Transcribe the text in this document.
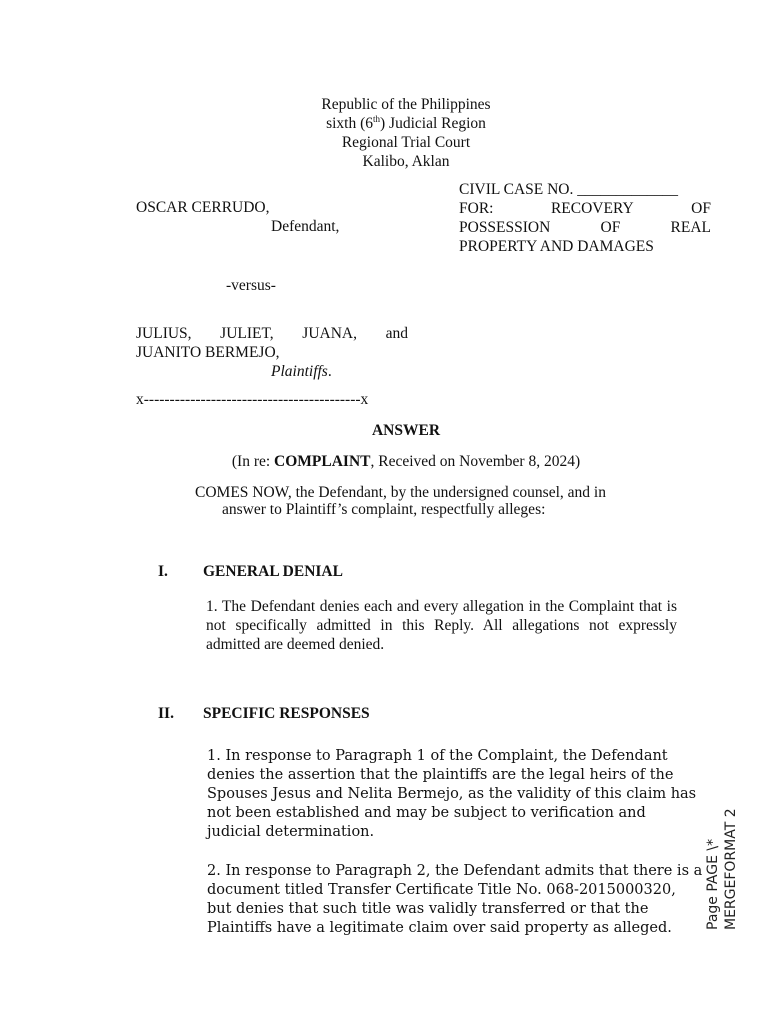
Republic of the Philippines
sixth (6th) Judicial Region
Regional Trial Court
Kalibo, Aklan
CIVIL CASE NO. _____________
FOR:	RECOVERY	OF
POSSESSION	OF	REAL
PROPERTY AND DAMAGES
OSCAR CERRUDO,
Defendant,
-versus-
JULIUS, JULIET, JUANA, and
JUANITO BERMEJO,
Plaintiffs.
x------------------------------------------x
ANSWER
(In re: COMPLAINT, Received on November 8, 2024)
COMES NOW, the Defendant, by the undersigned counsel, and in
answer to Plaintiff’s complaint, respectfully alleges:
I. GENERAL DENIAL
1. The Defendant denies each and every allegation in the Complaint that is not specifically admitted in this Reply. All allegations not expressly admitted are deemed denied.
II. SPECIFIC RESPONSES
1. In response to Paragraph 1 of the Complaint, the Defendant
denies the assertion that the plaintiffs are the legal heirs of the
Spouses Jesus and Nelita Bermejo, as the validity of this claim has
not been established and may be subject to verification and
judicial determination.
2. In response to Paragraph 2, the Defendant admits that there is a
document titled Transfer Certificate Title No. 068-2015000320,
but denies that such title was validly transferred or that the
Plaintiffs have a legitimate claim over said property as alleged.	Page PAGE \* MERGEFORMAT 2
